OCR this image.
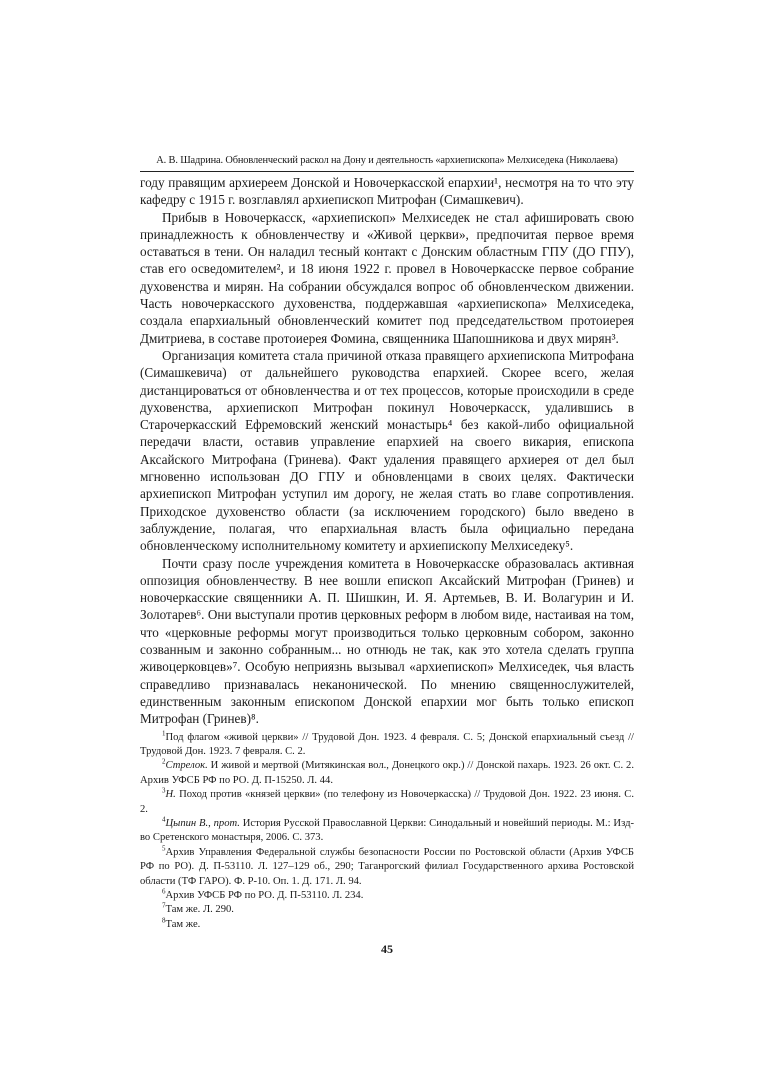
А. В. Шадрина. Обновленческий раскол на Дону и деятельность «архиепископа» Мелхиседека (Николаева)

году правящим архиереем Донской и Новочеркасской епархии¹, несмотря на то что эту кафедру с 1915 г. возглавлял архиепископ Митрофан (Симашкевич).

Прибыв в Новочеркасск, «архиепископ» Мелхиседек не стал афишировать свою принадлежность к обновленчеству и «Живой церкви», предпочитая первое время оставаться в тени. Он наладил тесный контакт с Донским областным ГПУ (ДО ГПУ), став его осведомителем², и 18 июня 1922 г. провел в Новочеркасске первое собрание духовенства и мирян. На собрании обсуждался вопрос об обновленческом движении. Часть новочеркасского духовенства, поддержавшая «архиепископа» Мелхиседека, создала епархиальный обновленческий комитет под председательством протоиерея Дмитриева, в составе протоиерея Фомина, священника Шапошникова и двух мирян³.

Организация комитета стала причиной отказа правящего архиепископа Митрофана (Симашкевича) от дальнейшего руководства епархией. Скорее всего, желая дистанцироваться от обновленчества и от тех процессов, которые происходили в среде духовенства, архиепископ Митрофан покинул Новочеркасск, удалившись в Старочеркасский Ефремовский женский монастырь⁴ без какой-либо официальной передачи власти, оставив управление епархией на своего викария, епископа Аксайского Митрофана (Гринева). Факт удаления правящего архиерея от дел был мгновенно использован ДО ГПУ и обновленцами в своих целях. Фактически архиепископ Митрофан уступил им дорогу, не желая стать во главе сопротивления. Приходское духовенство области (за исключением городского) было введено в заблуждение, полагая, что епархиальная власть была официально передана обновленческому исполнительному комитету и архиепископу Мелхиседеку⁵.

Почти сразу после учреждения комитета в Новочеркасске образовалась активная оппозиция обновленчеству. В нее вошли епископ Аксайский Митрофан (Гринев) и новочеркасские священники А. П. Шишкин, И. Я. Артемьев, В. И. Волагурин и И. Золотарев⁶. Они выступали против церковных реформ в любом виде, настаивая на том, что «церковные реформы могут производиться только церковным собором, законно созванным и законно собранным... но отнюдь не так, как это хотела сделать группа живоцерковцев»⁷. Особую неприязнь вызывал «архиепископ» Мелхиседек, чья власть справедливо признавалась неканонической. По мнению священнослужителей, единственным законным епископом Донской епархии мог быть только епископ Митрофан (Гринев)⁸.

$^1$Под флагом «живой церкви» // Трудовой Дон. 1923. 4 февраля. С. 5; Донской епархиальный съезд // Трудовой Дон. 1923. 7 февраля. С. 2.

$^2$Стрелок. И живой и мертвой (Митякинская вол., Донецкого окр.) // Донской пахарь. 1923. 26 окт. С. 2. Архив УФСБ РФ по РО. Д. П-15250. Л. 44.

$^3$Н. Поход против «князей церкви» (по телефону из Новочеркасска) // Трудовой Дон. 1922. 23 июня. С. 2.

$^4$Цыпин В., прот. История Русской Православной Церкви: Синодальный и новейший периоды. М.: Изд-во Сретенского монастыря, 2006. С. 373.

$^5$Архив Управления Федеральной службы безопасности России по Ростовской области (Архив УФСБ РФ по РО). Д. П-53110. Л. 127–129 об., 290; Таганрогский филиал Государственного архива Ростовской области (ТФ ГАРО). Ф. Р-10. Оп. 1. Д. 171. Л. 94.

$^6$Архив УФСБ РФ по РО. Д. П-53110. Л. 234.

$^7$Там же. Л. 290.

$^8$Там же.

45
